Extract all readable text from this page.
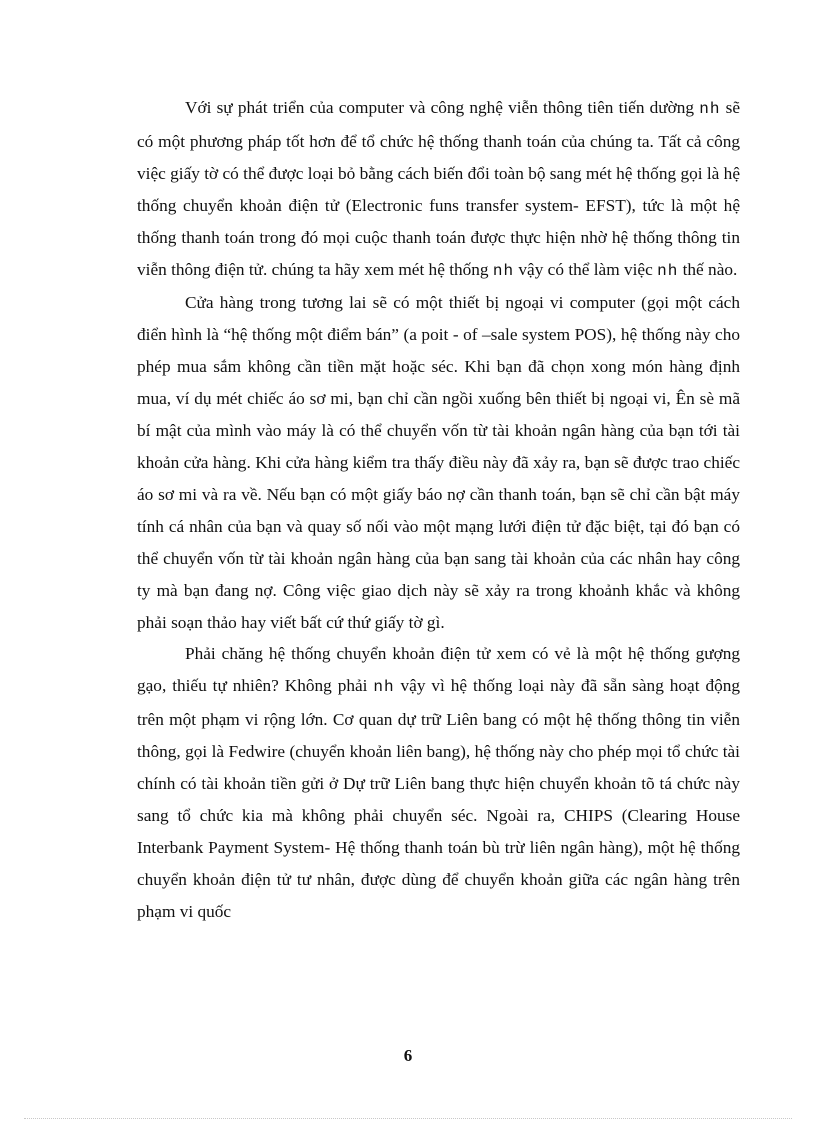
Với sự phát triển của computer và công nghệ viễn thông tiên tiến dường nh sẽ có một phương pháp tốt hơn để tổ chức hệ thống thanh toán của chúng ta. Tất cả công việc giấy tờ có thể được loại bỏ bằng cách biến đổi toàn bộ sang mét hệ thống gọi là hệ thống chuyển khoản điện tử (Electronic funs transfer system- EFST), tức là một hệ thống thanh toán trong đó mọi cuộc thanh toán được thực hiện nhờ hệ thống thông tin viễn thông điện tử. chúng ta hãy xem mét hệ thống nh vậy có thể làm việc nh thế nào.

Cửa hàng trong tương lai sẽ có một thiết bị ngoại vi computer (gọi một cách điển hình là “hệ thống một điểm bán” (a poit - of –sale system POS), hệ thống này cho phép mua sắm không cần tiền mặt hoặc séc. Khi bạn đã chọn xong món hàng định mua, ví dụ mét chiếc áo sơ mi, bạn chỉ cần ngồi xuống bên thiết bị ngoại vi, Ên sè mã bí mật của mình vào máy là có thể chuyển vốn từ tài khoản ngân hàng của bạn tới tài khoản cửa hàng. Khi cửa hàng kiểm tra thấy điều này đã xảy ra, bạn sẽ được trao chiếc áo sơ mi và ra về. Nếu bạn có một giấy báo nợ cần thanh toán, bạn sẽ chỉ cần bật máy tính cá nhân của bạn và quay số nối vào một mạng lưới điện tử đặc biệt, tại đó bạn có thể chuyển vốn từ tài khoản ngân hàng của bạn sang tài khoản của các nhân hay công ty mà bạn đang nợ. Công việc giao dịch này sẽ xảy ra trong khoảnh khắc và không phải soạn thảo hay viết bất cứ thứ giấy tờ gì.

Phải chăng hệ thống chuyển khoản điện tử xem có vẻ là một hệ thống gượng gạo, thiếu tự nhiên? Không phải nh vậy vì hệ thống loại này đã sẵn sàng hoạt động trên một phạm vi rộng lớn. Cơ quan dự trữ Liên bang có một hệ thống thông tin viễn thông, gọi là Fedwire (chuyển khoản liên bang), hệ thống này cho phép mọi tổ chức tài chính có tài khoản tiền gửi ở Dự trữ Liên bang thực hiện chuyển khoản tõ tá chức này sang tổ chức kia mà không phải chuyển séc. Ngoài ra, CHIPS (Clearing House Interbank Payment System- Hệ thống thanh toán bù trừ liên ngân hàng), một hệ thống chuyển khoản điện tử tư nhân, được dùng để chuyển khoản giữa các ngân hàng trên phạm vi quốc

6
